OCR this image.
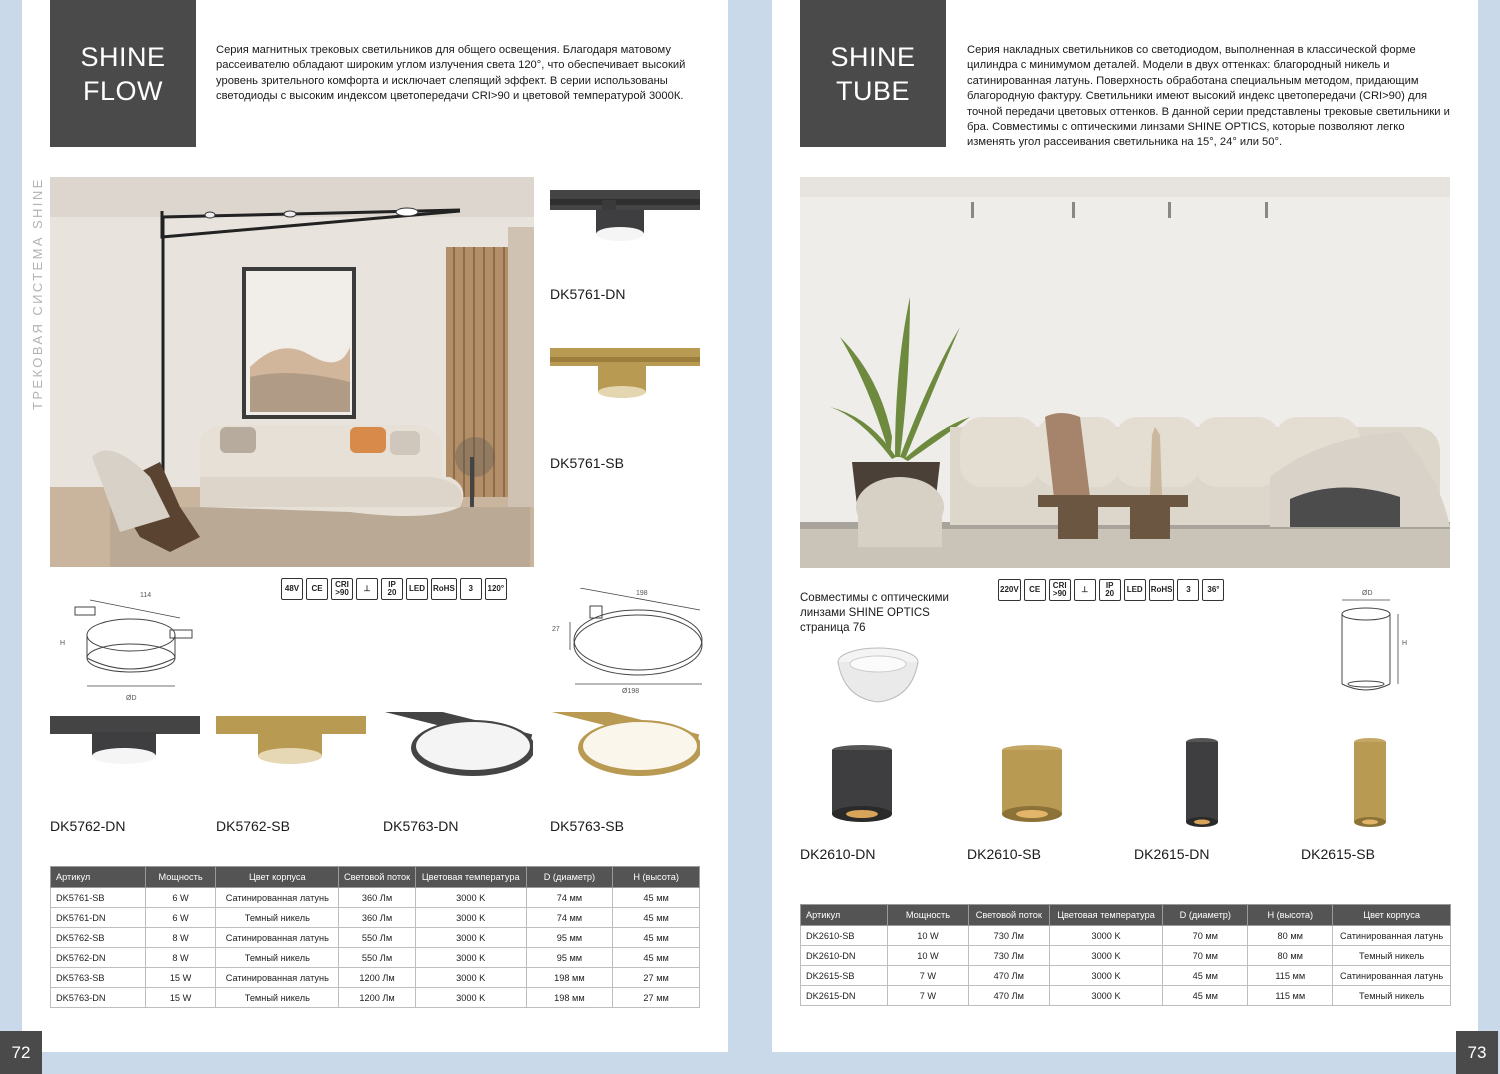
SHINE
FLOW
Серия магнитных трековых светильников для общего освещения. Благодаря матовому рассеивателю обладают широким углом излучения света 120°, что обеспечивает высокий уровень зрительного комфорта и исключает слепящий эффект. В серии использованы светодиоды с высоким индексом цветопередачи CRI>90 и цветовой температурой 3000К.
ТРЕКОВАЯ СИСТЕМА SHINE	DK5761-DN
DK5761-SB
48V	CE	CRI
>90	⊥	IP
20	LED	RoHS	3	120°
114
H
ØD
198
27
Ø198
DK5762-DN	DK5762-SB	DK5763-DN	DK5763-SB
Артикул	Мощность	Цвет корпуса	Световой поток	Цветовая температура	D (диаметр)	H (высота)
DK5761-SB	6 W	Сатинированная латунь	360 Лм	3000 K	74 мм	45 мм
DK5761-DN	6 W	Темный никель	360 Лм	3000 K	74 мм	45 мм
DK5762-SB	8 W	Сатинированная латунь	550 Лм	3000 K	95 мм	45 мм
DK5762-DN	8 W	Темный никель	550 Лм	3000 K	95 мм	45 мм
DK5763-SB	15 W	Сатинированная латунь	1200 Лм	3000 K	198 мм	27 мм
DK5763-DN	15 W	Темный никель	1200 Лм	3000 K	198 мм	27 мм
72
SHINE
TUBE
Серия накладных светильников со светодиодом, выполненная в классической форме цилиндра с минимумом деталей. Модели в двух оттенках: благородный никель и сатинированная латунь. Поверхность обработана специальным методом, придающим благородную фактуру. Светильники имеют высокий индекс цветопередачи (CRI>90) для точной передачи цветовых оттенков. В данной серии представлены трековые светильники и бра. Совместимы с оптическими линзами SHINE OPTICS, которые позволяют легко изменять угол рассеивания светильника на 15°, 24° или 50°.
Совместимы с оптическими линзами SHINE OPTICS страница 76
220V	CE	CRI
>90	⊥	IP
20	LED	RoHS	3	36°	ØD
H
DK2610-DN	DK2610-SB	DK2615-DN	DK2615-SB
Артикул	Мощность	Световой поток	Цветовая температура	D (диаметр)	H (высота)	Цвет корпуса
DK2610-SB	10 W	730 Лм	3000 K	70 мм	80 мм	Сатинированная латунь
DK2610-DN	10 W	730 Лм	3000 K	70 мм	80 мм	Темный никель
DK2615-SB	7 W	470 Лм	3000 K	45 мм	115 мм	Сатинированная латунь
DK2615-DN	7 W	470 Лм	3000 K	45 мм	115 мм	Темный никель
73
